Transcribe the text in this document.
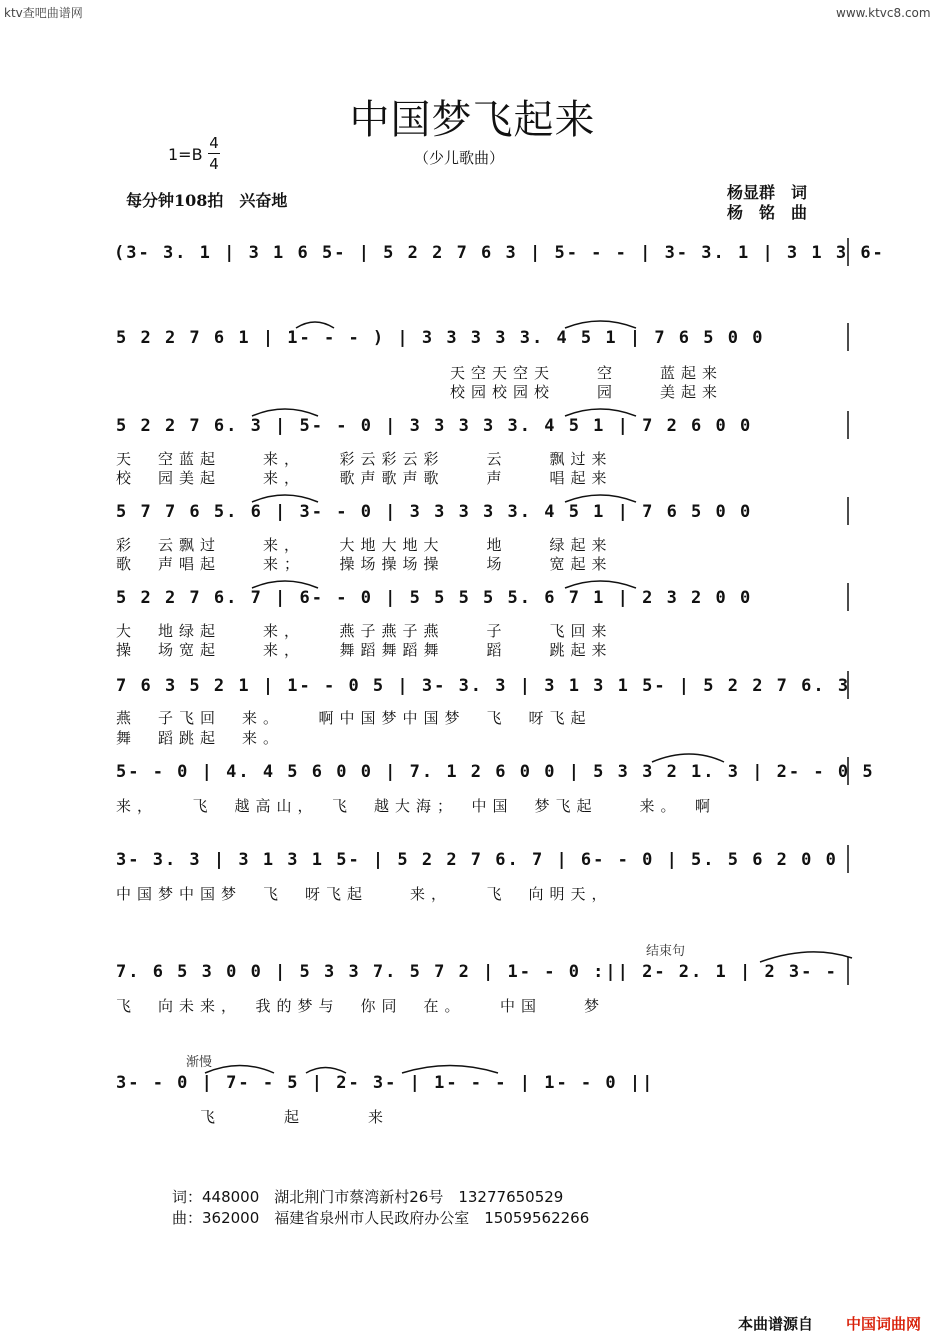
ktv查吧曲谱网	www.ktvc8.com
中国梦飞起来
1=B
4
4	（少儿歌曲）
每分钟108拍　兴奋地	杨显群　词
杨　铭　曲
(3- 3. 1 | 3 1 6 5- | 5 2 2 7 6 3 | 5- - - | 3- 3. 1 | 3 1 3 6-
5 2 2 7 6 1 | 1- - - ) | 3 3 3 3 3. 4 5 1 | 7 6 5 0 0
天空天空天　　空　　蓝起来
校园校园校　　园　　美起来
5 2 2 7 6. 3 | 5- - 0 | 3 3 3 3 3. 4 5 1 | 7 2 6 0 0
天　空蓝起　　来，　　彩云彩云彩　　云　　飘过来
校　园美起　　来，　　歌声歌声歌　　声　　唱起来
5 7 7 6 5. 6 | 3- - 0 | 3 3 3 3 3. 4 5 1 | 7 6 5 0 0
彩　云飘过　　来，　　大地大地大　　地　　绿起来
歌　声唱起　　来；　　操场操场操　　场　　宽起来
5 2 2 7 6. 7 | 6- - 0 | 5 5 5 5 5. 6 7 1 | 2 3 2 0 0
大　地绿起　　来，　　燕子燕子燕　　子　　飞回来
操　场宽起　　来，　　舞蹈舞蹈舞　　蹈　　跳起来
7 6 3 5 2 1 | 1- - 0 5 | 3- 3. 3 | 3 1 3 1 5- | 5 2 2 7 6. 3
燕　子飞回　来。　　啊中国梦中国梦　飞　呀飞起
舞　蹈跳起　来。
5- - 0 | 4. 4 5 6 0 0 | 7. 1 2 6 0 0 | 5 3 3 2 1. 3 | 2- - 0 5
来，　　飞　越高山，　飞　越大海；　中国　梦飞起　　来。　啊
3- 3. 3 | 3 1 3 1 5- | 5 2 2 7 6. 7 | 6- - 0 | 5. 5 6 2 0 0
中国梦中国梦　飞　呀飞起　　来，　　飞　向明天，
结束句
7. 6 5 3 0 0 | 5 3 3 7. 5 7 2 | 1- - 0 :|| 2- 2. 1 | 2 3- -
飞　向未来，　我的梦与　你同　在。　　中国　　梦
渐慢
3- - 0 | 7- - 5 | 2- 3- | 1- - - | 1- - 0 ||
　　　　飞　　　起　　　来
词：448000　湖北荆门市蔡湾新村26号　13277650529
曲：362000　福建省泉州市人民政府办公室　15059562266
本曲谱源自 中国词曲网
